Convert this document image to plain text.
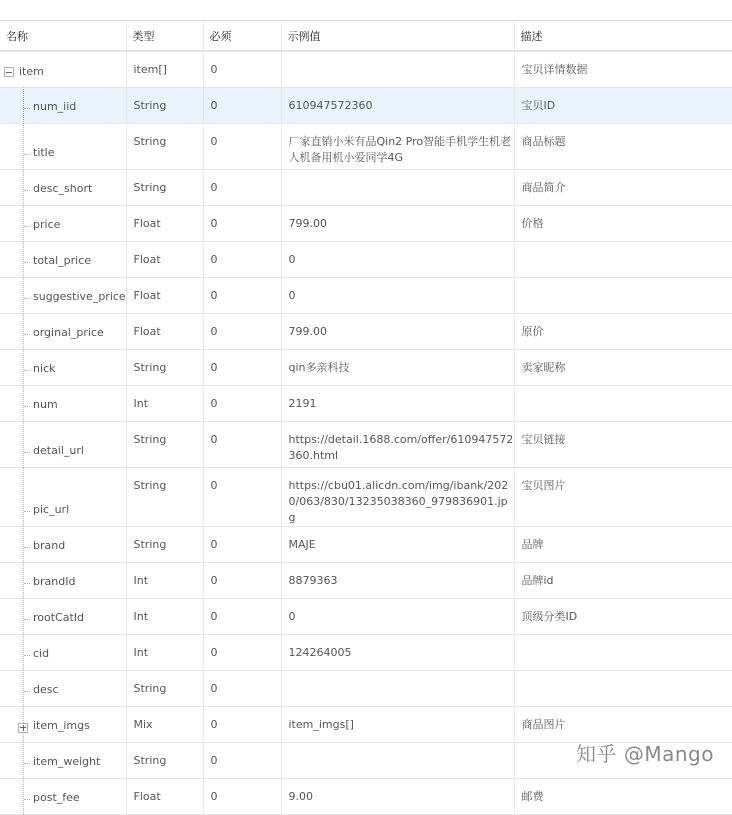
名称	类型	必须	示例值	描述

item	item[]	0		宝贝详情数据

num_iid	String	0	610947572360	宝贝ID

title	String	0	厂家直销小米有品Qin2 Pro智能手机学生机老人机备用机小爱同学4G	商品标题

desc_short	String	0		商品简介

price	Float	0	799.00	价格

total_price	Float	0	0	

suggestive_price	Float	0	0	

orginal_price	Float	0	799.00	原价

nick	String	0	qin多亲科技	卖家昵称

num	Int	0	2191	

detail_url	String	0	https://detail.1688.com/offer/610947572360.html	宝贝链接

pic_url	String	0	https://cbu01.alicdn.com/img/ibank/2020/063/830/13235038360_979836901.jpg	宝贝图片

brand	String	0	MAJE	品牌

brandId	Int	0	8879363	品牌id

rootCatId	Int	0	0	顶级分类ID

cid	Int	0	124264005	

desc	String	0		

item_imgs	Mix	0	item_imgs[]	商品图片

item_weight	String	0		

post_fee	Float	0	9.00	邮费
知乎 @Mango
